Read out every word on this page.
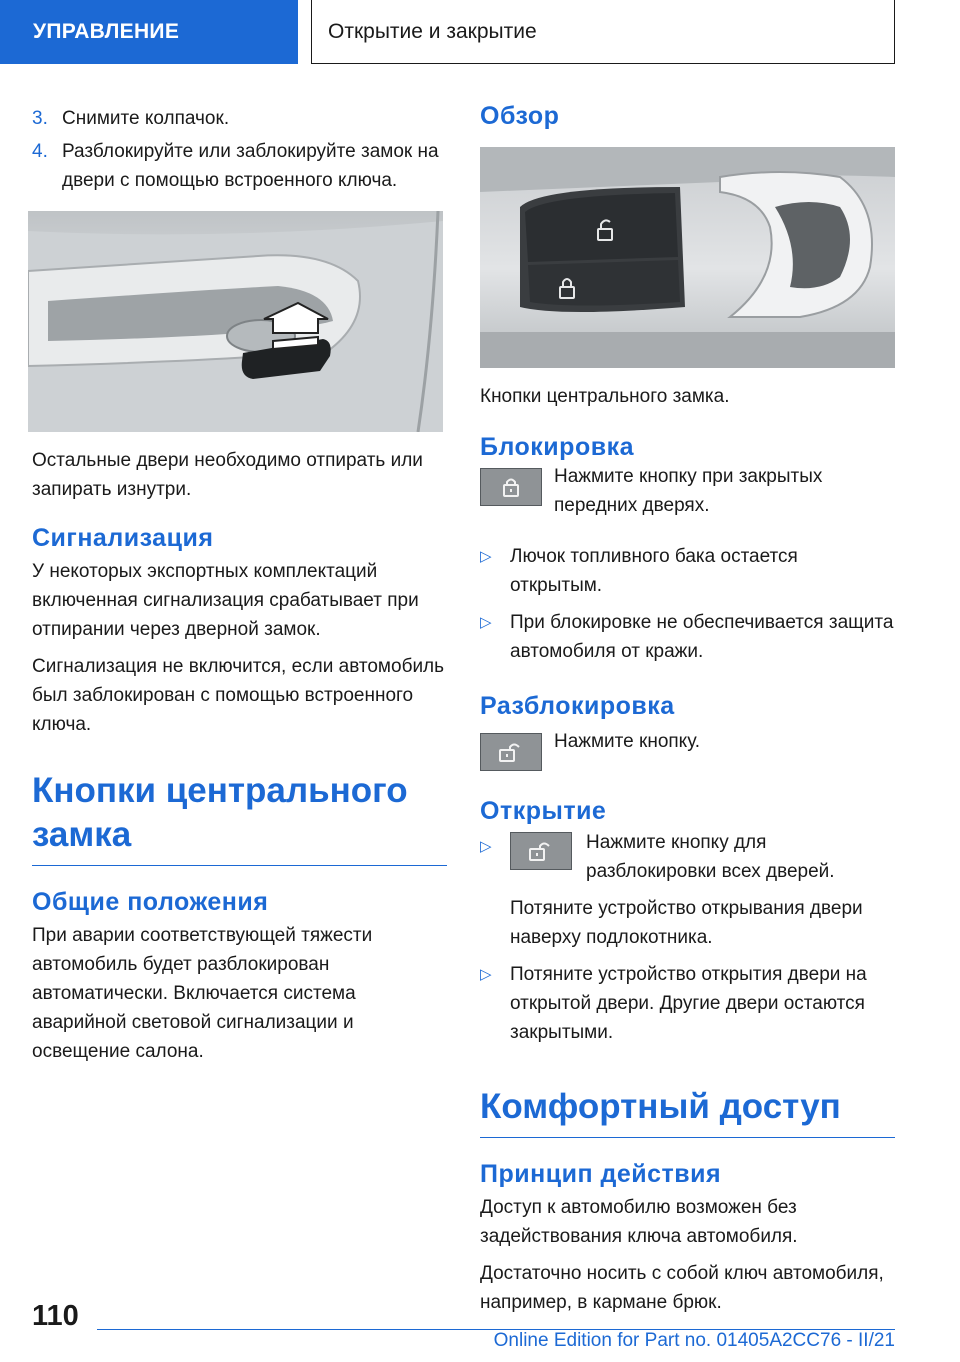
УПРАВЛЕНИЕ	Открытие и закрытие
3. Снимите колпачок.
4. Разблокируйте или заблокируйте замок на двери с помощью встроенного ключа.

Остальные двери необходимо отпирать или запирать изнутри.

Сигнализация

У некоторых экспортных комплектаций включенная сигнализация срабатывает при отпирании через дверной замок.

Сигнализация не включится, если автомобиль был заблокирован с помощью встроенного ключа.

Кнопки центрального замка
Общие положения

При аварии соответствующей тяжести автомобиль будет разблокирован автоматически. Включается система аварийной световой сигнализации и освещение салона.

Обзор

Кнопки центрального замка.

Блокировка

Нажмите кнопку при закрытых передних дверях.

▷ Лючок топливного бака остается открытым.
▷ При блокировке не обеспечивается защита автомобиля от кражи.
Разблокировка

Нажмите кнопку.

Открытие
▷	Нажмите кнопку для разблокировки всех дверей.

Потяните устройство открывания двери наверху подлокотника.

▷ Потяните устройство открытия двери на открытой двери. Другие двери остаются закрытыми.
Комфортный доступ
Принцип действия

Доступ к автомобилю возможен без задействования ключа автомобиля.

Достаточно носить с собой ключ автомобиля, например, в кармане брюк.

110
Online Edition for Part no. 01405A2CC76 - II/21
